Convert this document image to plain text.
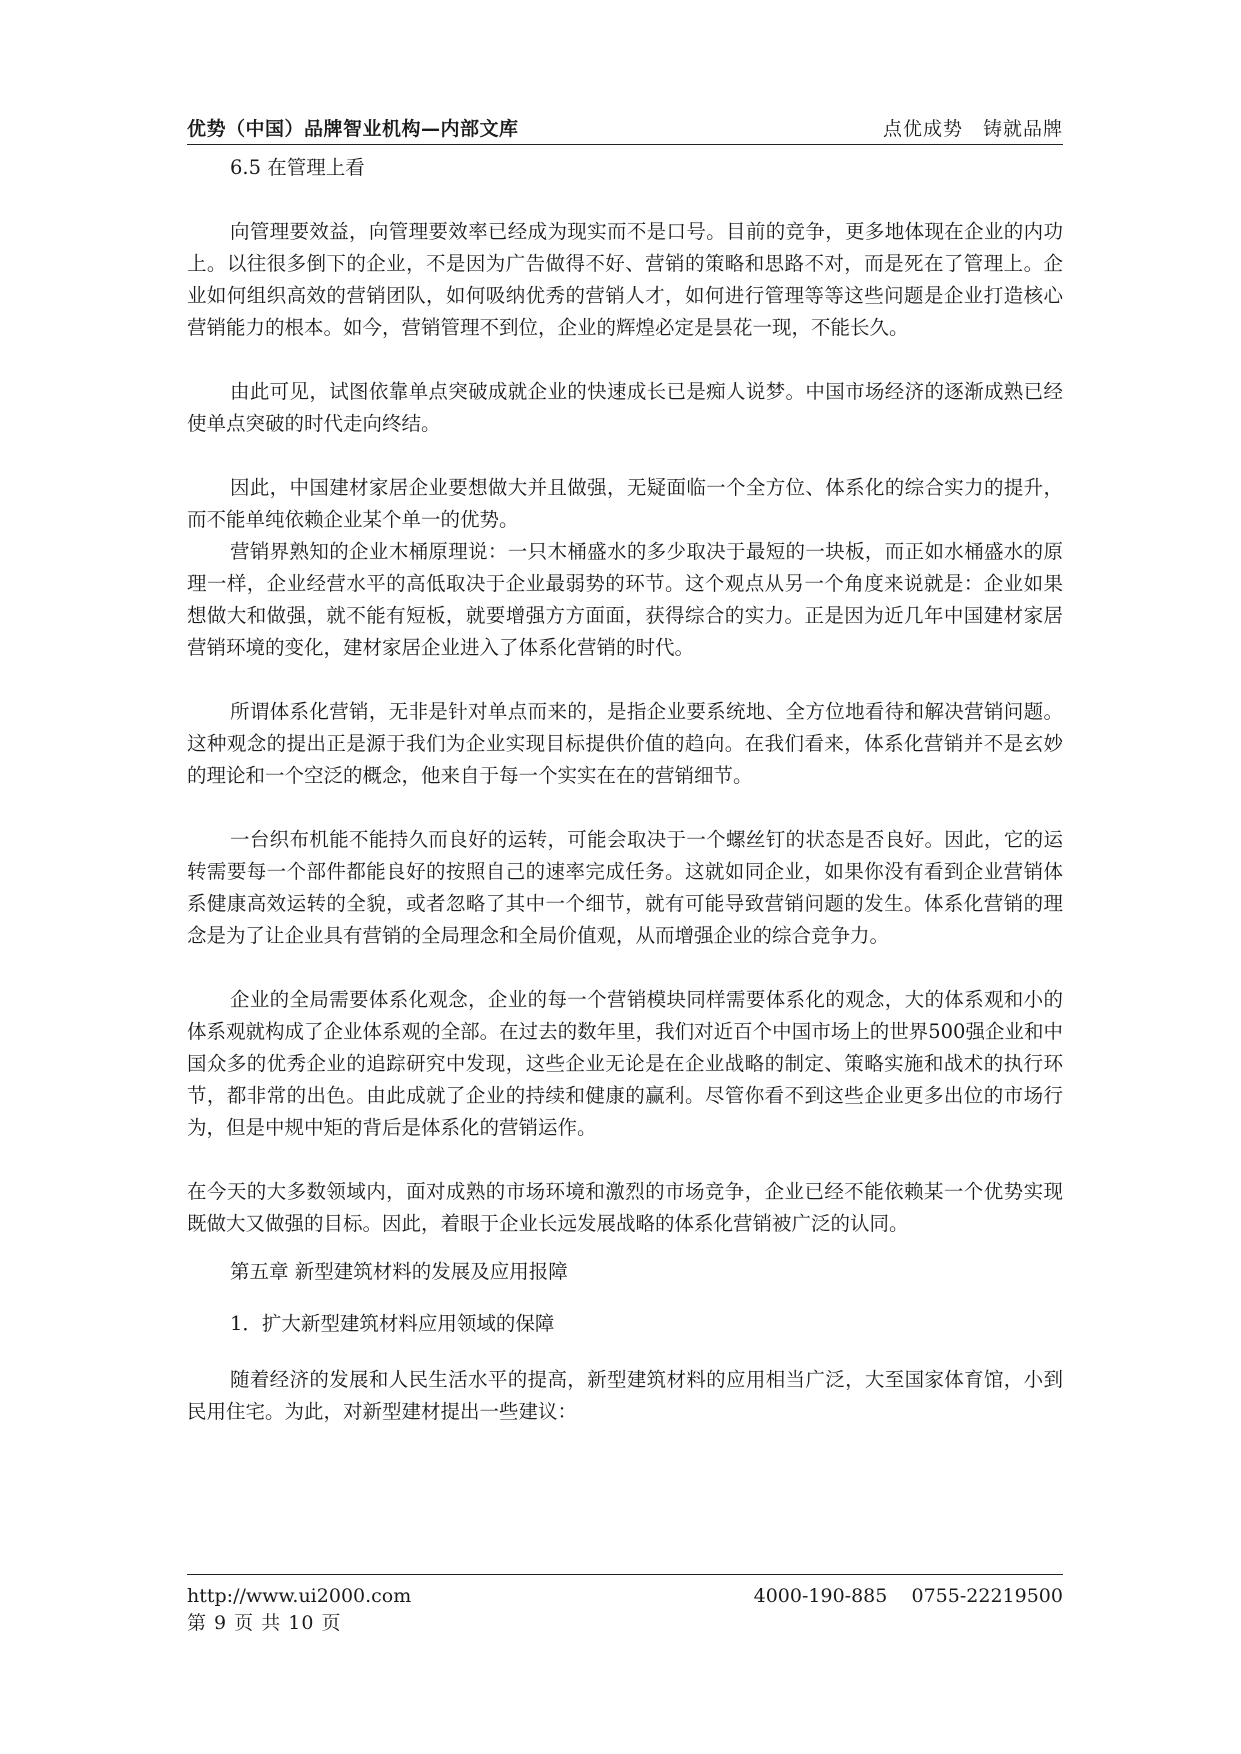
优势（中国）品牌智业机构—内部文库	点优成势　铸就品牌

6.5 在管理上看

向管理要效益，向管理要效率已经成为现实而不是口号。目前的竞争，更多地体现在企业的内功上。以往很多倒下的企业，不是因为广告做得不好、营销的策略和思路不对，而是死在了管理上。企业如何组织高效的营销团队，如何吸纳优秀的营销人才，如何进行管理等等这些问题是企业打造核心营销能力的根本。如今，营销管理不到位，企业的辉煌必定是昙花一现，不能长久。

由此可见，试图依靠单点突破成就企业的快速成长已是痴人说梦。中国市场经济的逐渐成熟已经使单点突破的时代走向终结。

因此，中国建材家居企业要想做大并且做强，无疑面临一个全方位、体系化的综合实力的提升，而不能单纯依赖企业某个单一的优势。

营销界熟知的企业木桶原理说：一只木桶盛水的多少取决于最短的一块板，而正如水桶盛水的原理一样，企业经营水平的高低取决于企业最弱势的环节。这个观点从另一个角度来说就是：企业如果想做大和做强，就不能有短板，就要增强方方面面，获得综合的实力。正是因为近几年中国建材家居营销环境的变化，建材家居企业进入了体系化营销的时代。

所谓体系化营销，无非是针对单点而来的，是指企业要系统地、全方位地看待和解决营销问题。这种观念的提出正是源于我们为企业实现目标提供价值的趋向。在我们看来，体系化营销并不是玄妙的理论和一个空泛的概念，他来自于每一个实实在在的营销细节。

一台织布机能不能持久而良好的运转，可能会取决于一个螺丝钉的状态是否良好。因此，它的运转需要每一个部件都能良好的按照自己的速率完成任务。这就如同企业，如果你没有看到企业营销体系健康高效运转的全貌，或者忽略了其中一个细节，就有可能导致营销问题的发生。体系化营销的理念是为了让企业具有营销的全局理念和全局价值观，从而增强企业的综合竞争力。

企业的全局需要体系化观念，企业的每一个营销模块同样需要体系化的观念，大的体系观和小的体系观就构成了企业体系观的全部。在过去的数年里，我们对近百个中国市场上的世界500强企业和中国众多的优秀企业的追踪研究中发现，这些企业无论是在企业战略的制定、策略实施和战术的执行环节，都非常的出色。由此成就了企业的持续和健康的赢利。尽管你看不到这些企业更多出位的市场行为，但是中规中矩的背后是体系化的营销运作。

在今天的大多数领域内，面对成熟的市场环境和激烈的市场竞争，企业已经不能依赖某一个优势实现既做大又做强的目标。因此，着眼于企业长远发展战略的体系化营销被广泛的认同。

第五章 新型建筑材料的发展及应用报障

1．扩大新型建筑材料应用领域的保障

随着经济的发展和人民生活水平的提高，新型建筑材料的应用相当广泛，大至国家体育馆，小到民用住宅。为此，对新型建材提出一些建议：

http://www.ui2000.com	4000-190-885    0755-22219500
第 9 页 共 10 页
